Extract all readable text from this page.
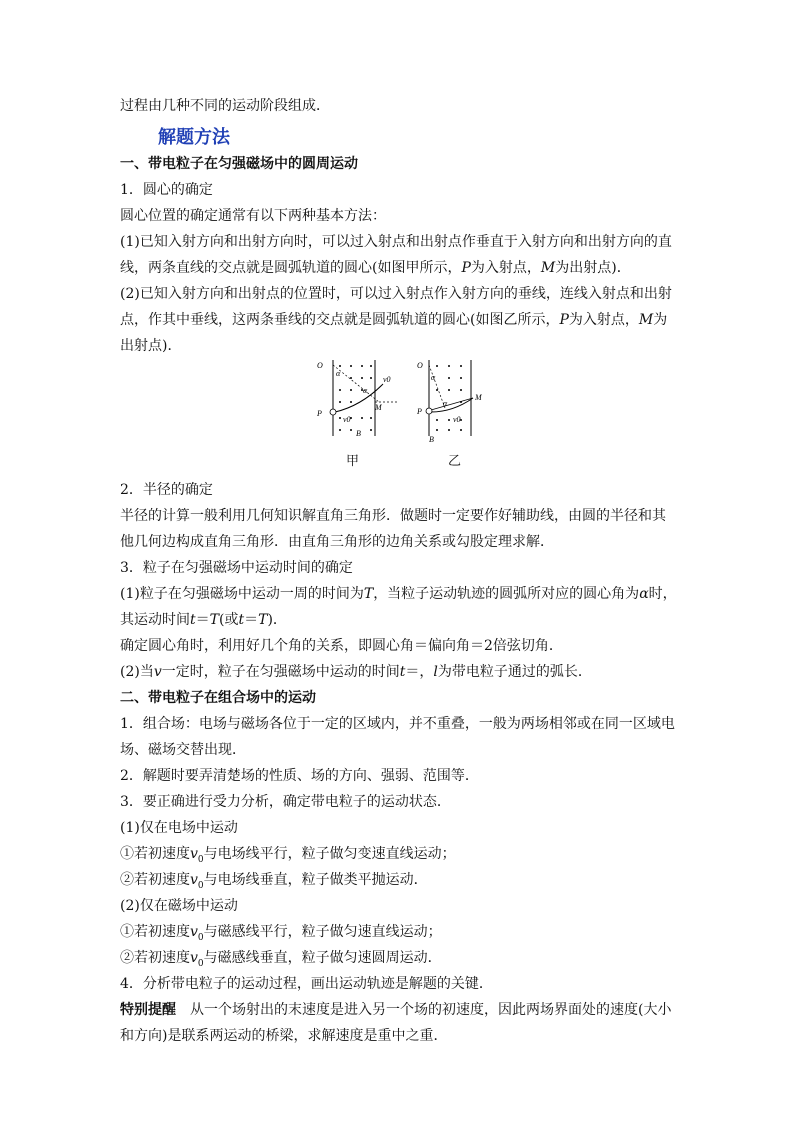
过程由几种不同的运动阶段组成．
解题方法
一、带电粒子在匀强磁场中的圆周运动
1．圆心的确定
圆心位置的确定通常有以下两种基本方法：
(1)已知入射方向和出射方向时，可以过入射点和出射点作垂直于入射方向和出射方向的直
线，两条直线的交点就是圆弧轨道的圆心(如图甲所示，P为入射点，M为出射点)．
(2)已知入射方向和出射点的位置时，可以过入射点作入射方向的垂线，连线入射点和出射
点，作其中垂线，这两条垂线的交点就是圆弧轨道的圆心(如图乙所示，P为入射点，M为
出射点)．
O
α
α
v0
M
P
v0
B
O
α
α
M
P
v0
B
甲	乙
2．半径的确定
半径的计算一般利用几何知识解直角三角形．做题时一定要作好辅助线，由圆的半径和其
他几何边构成直角三角形．由直角三角形的边角关系或勾股定理求解．
3．粒子在匀强磁场中运动时间的确定
(1)粒子在匀强磁场中运动一周的时间为T，当粒子运动轨迹的圆弧所对应的圆心角为α时，
其运动时间t＝T(或t＝T)．
确定圆心角时，利用好几个角的关系，即圆心角＝偏向角＝2倍弦切角．
(2)当v一定时，粒子在匀强磁场中运动的时间t＝，l为带电粒子通过的弧长．
二、带电粒子在组合场中的运动
1．组合场：电场与磁场各位于一定的区域内，并不重叠，一般为两场相邻或在同一区域电
场、磁场交替出现．
2．解题时要弄清楚场的性质、场的方向、强弱、范围等．
3．要正确进行受力分析，确定带电粒子的运动状态．
(1)仅在电场中运动
①若初速度$v_0$与电场线平行，粒子做匀变速直线运动；
②若初速度$v_0$与电场线垂直，粒子做类平抛运动．
(2)仅在磁场中运动
①若初速度$v_0$与磁感线平行，粒子做匀速直线运动；
②若初速度$v_0$与磁感线垂直，粒子做匀速圆周运动．
4．分析带电粒子的运动过程，画出运动轨迹是解题的关键．
特别提醒 从一个场射出的末速度是进入另一个场的初速度，因此两场界面处的速度(大小
和方向)是联系两运动的桥梁，求解速度是重中之重．
